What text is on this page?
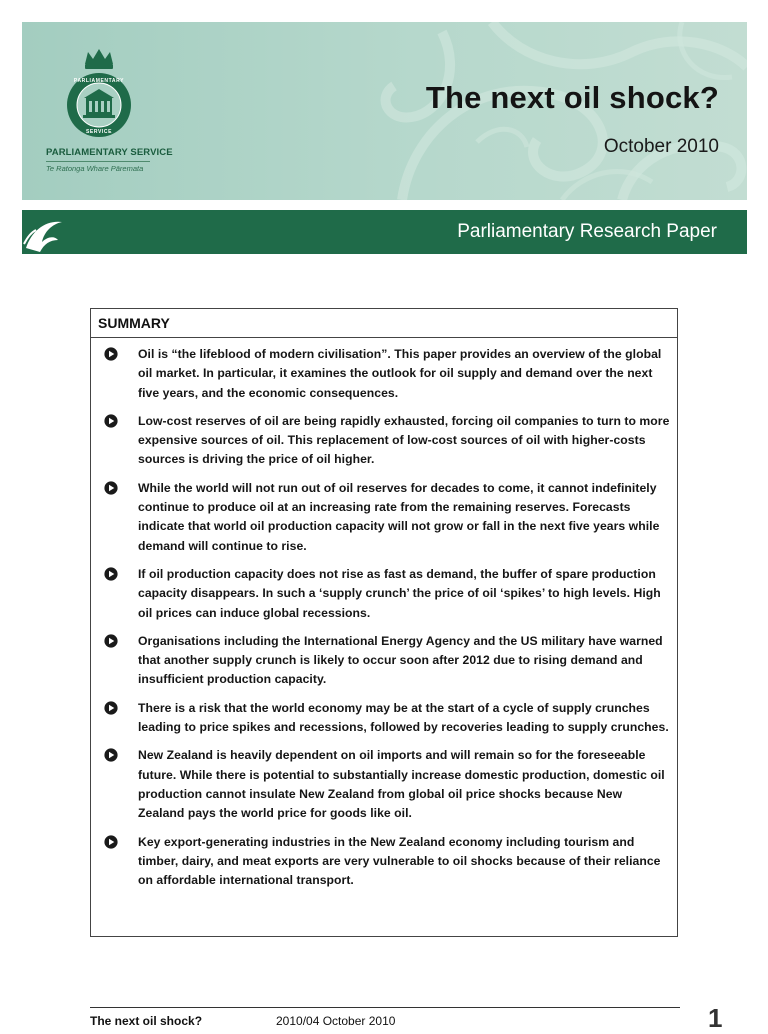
PARLIAMENTARY
SERVICE
PARLIAMENTARY SERVICE
Te Ratonga Whare Pāremata
The next oil shock?
October 2010
Parliamentary Research Paper
SUMMARY

Oil is “the lifeblood of modern civilisation”. This paper provides an overview of the global oil market. In particular, it examines the outlook for oil supply and demand over the next five years, and the economic consequences.

Low-cost reserves of oil are being rapidly exhausted, forcing oil companies to turn to more expensive sources of oil. This replacement of low-cost sources of oil with higher-costs sources is driving the price of oil higher.

While the world will not run out of oil reserves for decades to come, it cannot indefinitely continue to produce oil at an increasing rate from the remaining reserves. Forecasts indicate that world oil production capacity will not grow or fall in the next five years while demand will continue to rise.

If oil production capacity does not rise as fast as demand, the buffer of spare production capacity disappears. In such a ‘supply crunch’ the price of oil ‘spikes’ to high levels. High oil prices can induce global recessions.

Organisations including the International Energy Agency and the US military have warned that another supply crunch is likely to occur soon after 2012 due to rising demand and insufficient production capacity.

There is a risk that the world economy may be at the start of a cycle of supply crunches leading to price spikes and recessions, followed by recoveries leading to supply crunches.

New Zealand is heavily dependent on oil imports and will remain so for the foreseeable future. While there is potential to substantially increase domestic production, domestic oil production cannot insulate New Zealand from global oil price shocks because New Zealand pays the world price for goods like oil.

Key export-generating industries in the New Zealand economy including tourism and timber, dairy, and meat exports are very vulnerable to oil shocks because of their reliance on affordable international transport.

The next oil shock?	2010/04 October 2010	1
